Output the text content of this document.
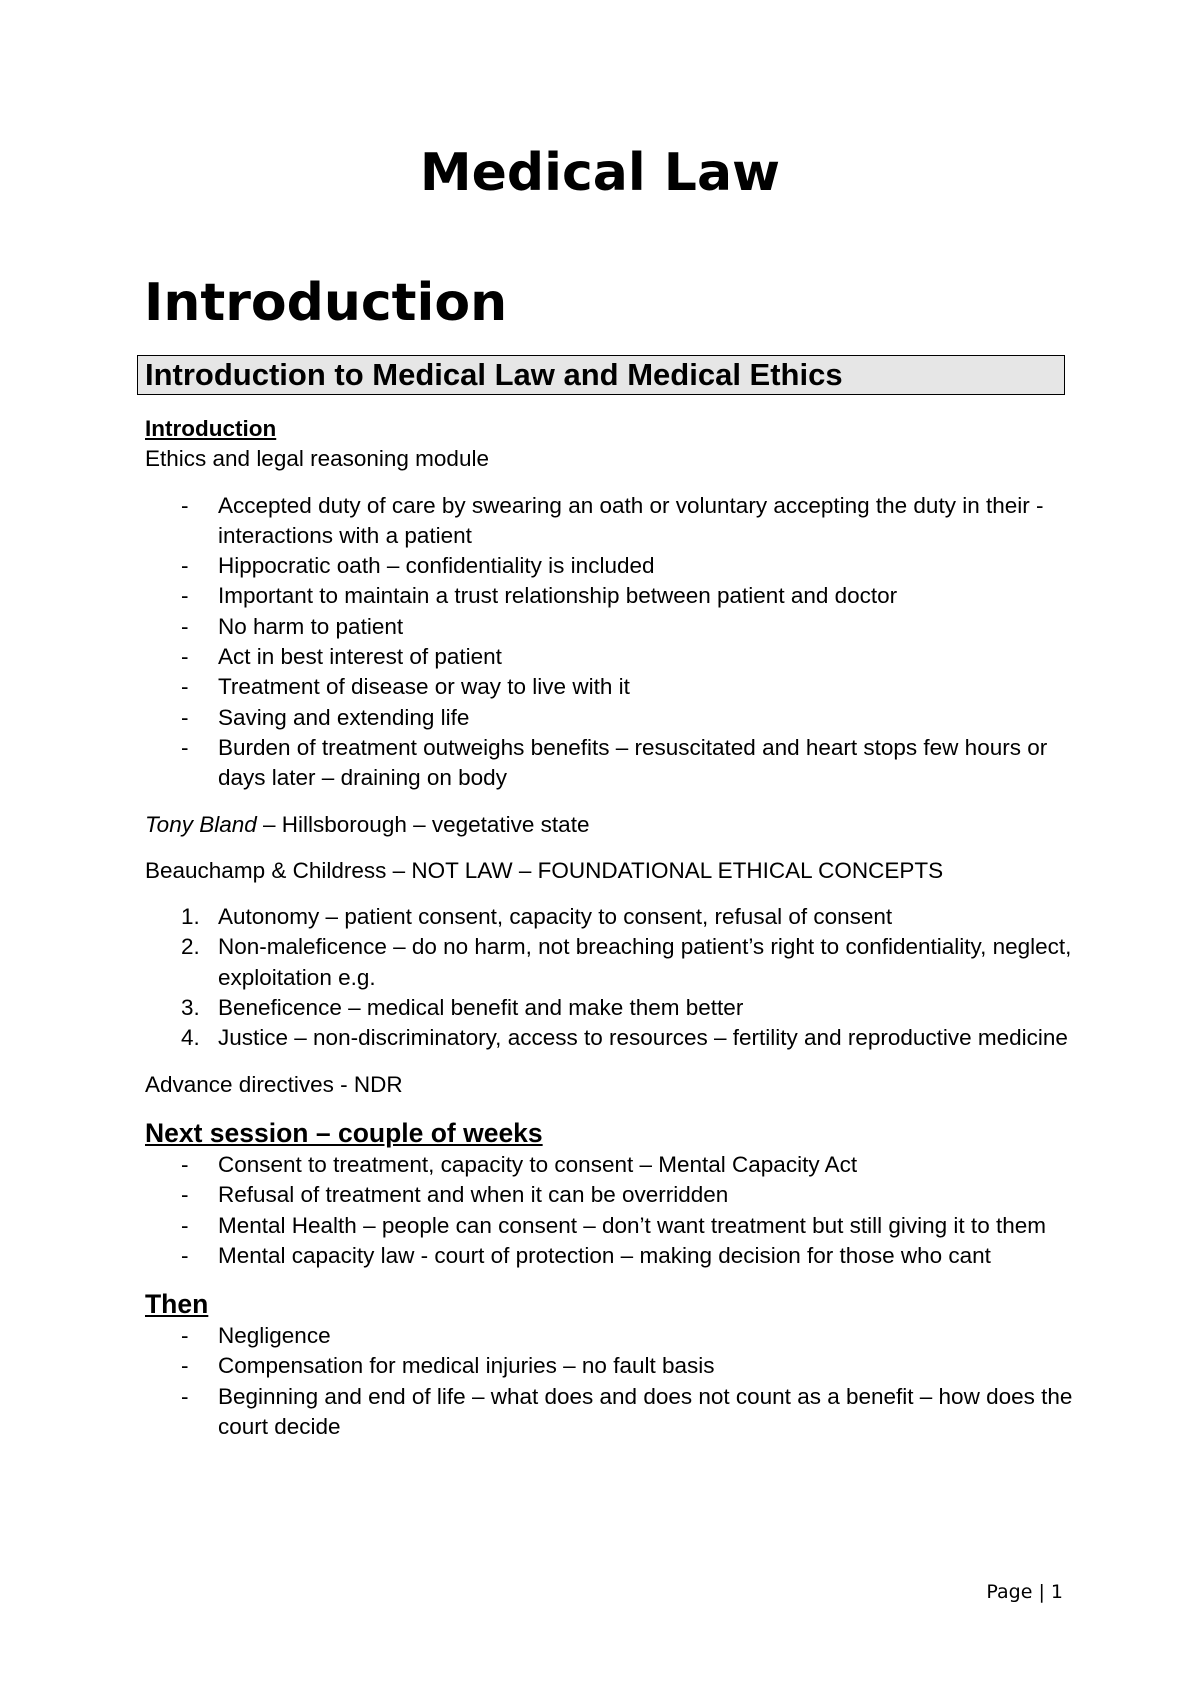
Medical Law
Introduction
Introduction to Medical Law and Medical Ethics

Introduction

Ethics and legal reasoning module

- Accepted duty of care by swearing an oath or voluntary accepting the duty in their - interactions with a patient
- Hippocratic oath – confidentiality is included
- Important to maintain a trust relationship between patient and doctor
- No harm to patient
- Act in best interest of patient
- Treatment of disease or way to live with it
- Saving and extending life
- Burden of treatment outweighs benefits – resuscitated and heart stops few hours or days later – draining on body

Tony Bland – Hillsborough – vegetative state

Beauchamp & Childress – NOT LAW – FOUNDATIONAL ETHICAL CONCEPTS

1. Autonomy – patient consent, capacity to consent, refusal of consent
2. Non-maleficence – do no harm, not breaching patient’s right to confidentiality, neglect, exploitation e.g.
3. Beneficence – medical benefit and make them better
4. Justice – non-discriminatory, access to resources – fertility and reproductive medicine

Advance directives - NDR

Next session – couple of weeks

- Consent to treatment, capacity to consent – Mental Capacity Act
- Refusal of treatment and when it can be overridden
- Mental Health – people can consent – don’t want treatment but still giving it to them
- Mental capacity law - court of protection – making decision for those who cant

Then

- Negligence
- Compensation for medical injuries – no fault basis
- Beginning and end of life – what does and does not count as a benefit – how does the court decide
Page | 1
